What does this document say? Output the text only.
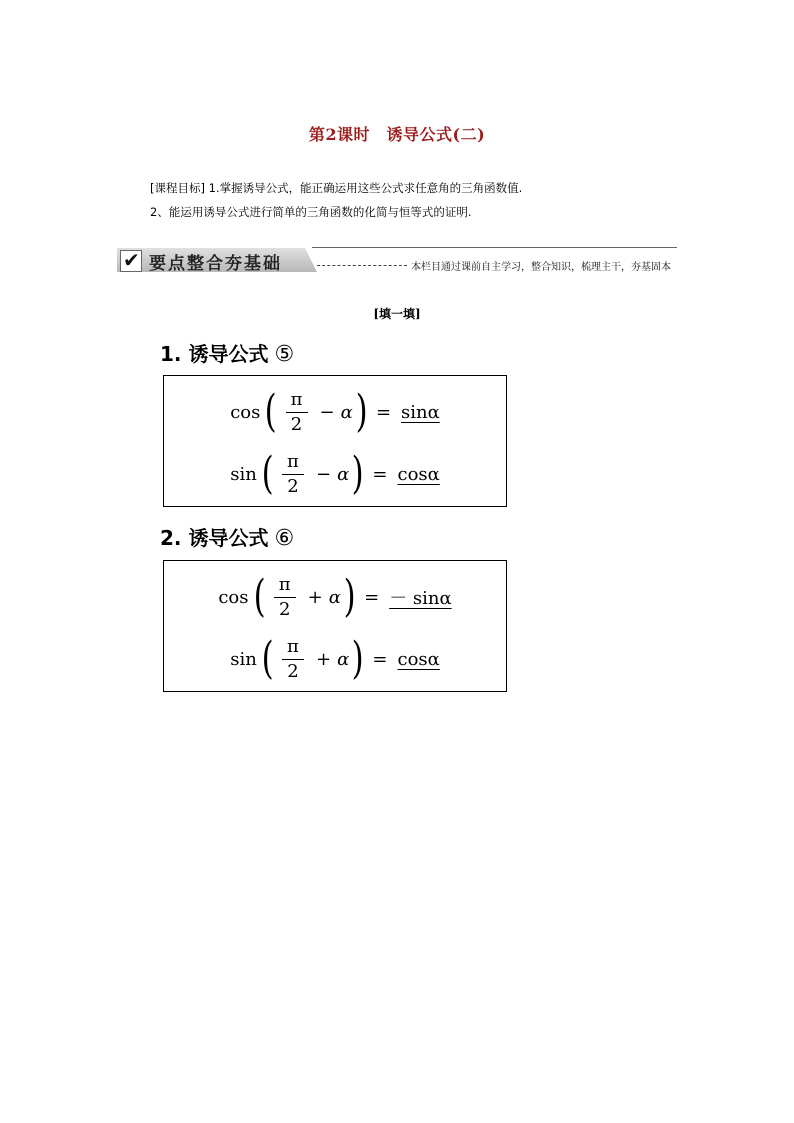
第2课时　诱导公式(二)
[课程目标] 1.掌握诱导公式，能正确运用这些公式求任意角的三角函数值.
2、能运用诱导公式进行简单的三角函数的化简与恒等式的证明.
✔ 要点整合夯基础	本栏目通过课前自主学习，整合知识，梳理主干，夯基固本
[填一填]
1. 诱导公式 ⑤
cos ( $\frac{\pi}{2} - \alpha$ ) = sinα
sin ( $\frac{\pi}{2} - \alpha$ ) = cosα
2. 诱导公式 ⑥
cos ( $\frac{\pi}{2} + \alpha$ ) = － sinα
sin ( $\frac{\pi}{2} + \alpha$ ) = cosα
